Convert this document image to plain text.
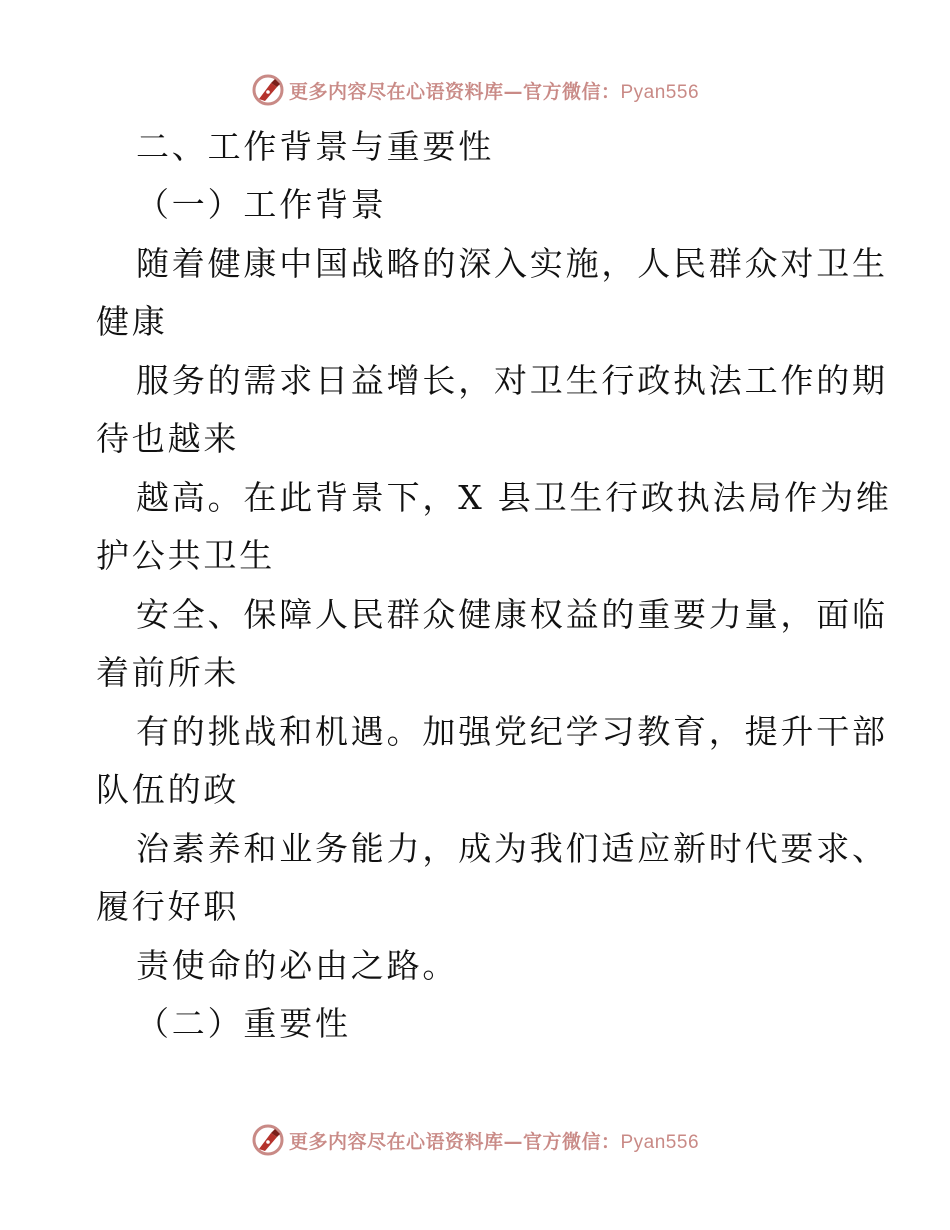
更多内容尽在心语资料库—官方微信：Pyan556
二、工作背景与重要性
（一）工作背景
随着健康中国战略的深入实施，人民群众对卫生
健康
服务的需求日益增长，对卫生行政执法工作的期
待也越来
越高。在此背景下，X 县卫生行政执法局作为维
护公共卫生
安全、保障人民群众健康权益的重要力量，面临
着前所未
有的挑战和机遇。加强党纪学习教育，提升干部
队伍的政
治素养和业务能力，成为我们适应新时代要求、
履行好职
责使命的必由之路。
（二）重要性
更多内容尽在心语资料库—官方微信：Pyan556
